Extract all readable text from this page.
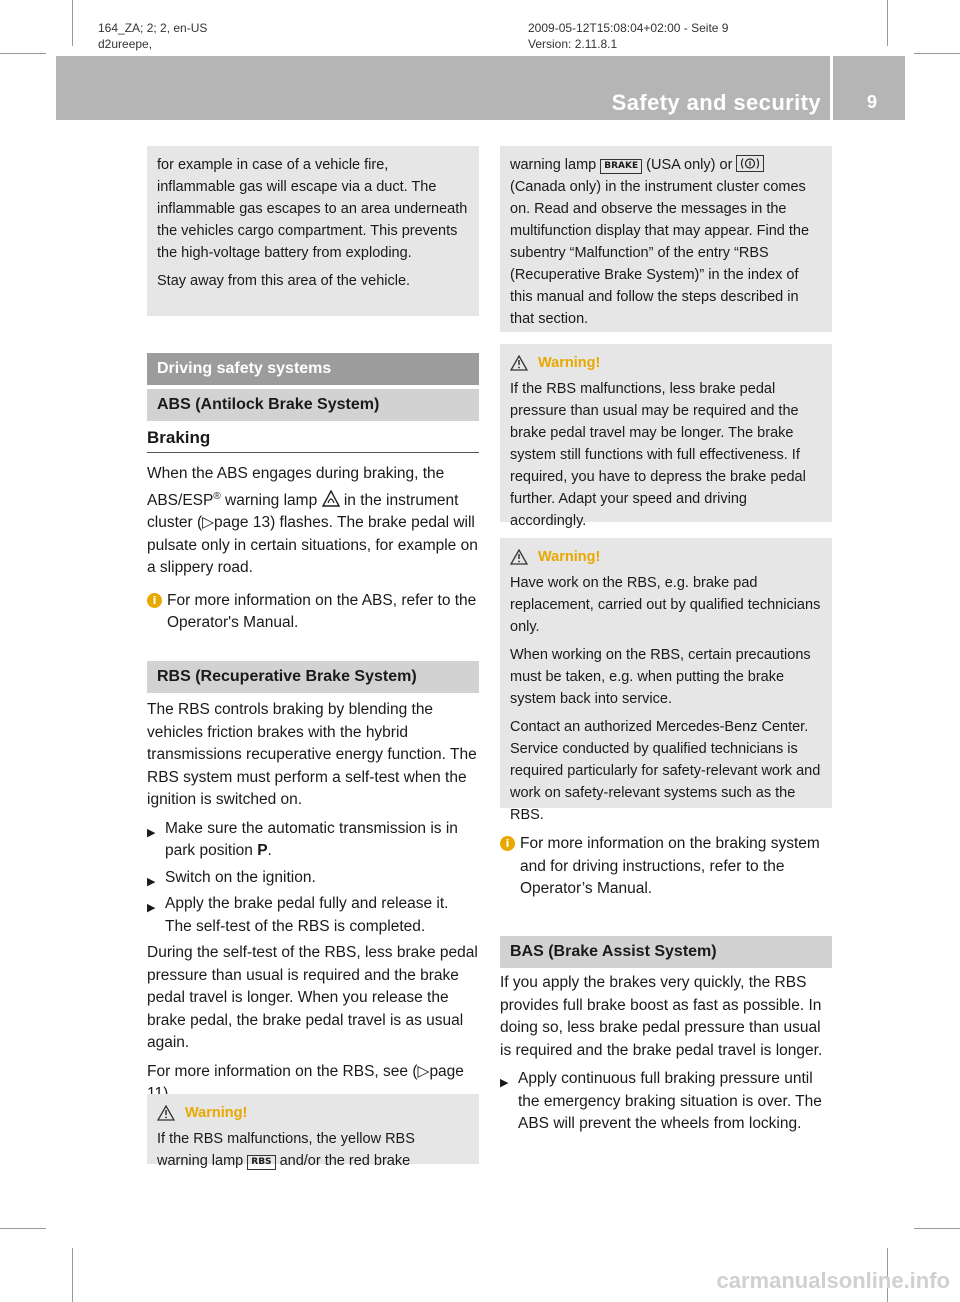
164_ZA; 2; 2, en-US
d2ureepe,
2009-05-12T15:08:04+02:00 - Seite 9
Version: 2.11.8.1
Safety and security	9

for example in case of a vehicle fire, inflammable gas will escape via a duct. The inflammable gas escapes to an area underneath the vehicles cargo compartment. This prevents the high-voltage battery from exploding.

Stay away from this area of the vehicle.

Driving safety systems
ABS (Antilock Brake System)
Braking

When the ABS engages during braking, the ABS/ESP® warning lamp  in the instrument cluster (▷page 13) flashes. The brake pedal will pulsate only in certain situations, for example on a slippery road.

i For more information on the ABS, refer to the Operator's Manual.
RBS (Recuperative Brake System)

The RBS controls braking by blending the vehicles friction brakes with the hybrid transmissions recuperative energy function. The RBS system must perform a self-test when the ignition is switched on.

▶ Make sure the automatic transmission is in park position P.
▶ Switch on the ignition.
▶ Apply the brake pedal fully and release it. The self-test of the RBS is completed.

During the self-test of the RBS, less brake pedal pressure than usual is required and the brake pedal travel is longer. When you release the brake pedal, the brake pedal travel is as usual again.

For more information on the RBS, see (▷page

Warning!
If the RBS malfunctions, the yellow RBS warning lamp RBS and/or the red brake

warning lamp BRAKE (USA only) or  (Canada only) in the instrument cluster comes on. Read and observe the messages in the multifunction display that may appear. Find the subentry “Malfunction” of the entry “RBS (Recuperative Brake System)” in the index of this manual and follow the steps described in that section.

Warning!

If the RBS malfunctions, less brake pedal pressure than usual may be required and the brake pedal travel may be longer. The brake system still functions with full effectiveness. If required, you have to depress the brake pedal further. Adapt your speed and driving accordingly.

Warning!

Have work on the RBS, e.g. brake pad replacement, carried out by qualified technicians only.

When working on the RBS, certain precautions must be taken, e.g. when putting the brake system back into service.

Contact an authorized Mercedes-Benz Center. Service conducted by qualified technicians is required particularly for safety-relevant work and work on safety-relevant systems such as the RBS.

i For more information on the braking system and for driving instructions, refer to the Operator’s Manual.
BAS (Brake Assist System)

If you apply the brakes very quickly, the RBS provides full brake boost as fast as possible. In doing so, less brake pedal pressure than usual is required and the brake pedal travel is longer.

▶ Apply continuous full braking pressure until the emergency braking situation is over. The ABS will prevent the wheels from locking.
carmanualsonline.info
